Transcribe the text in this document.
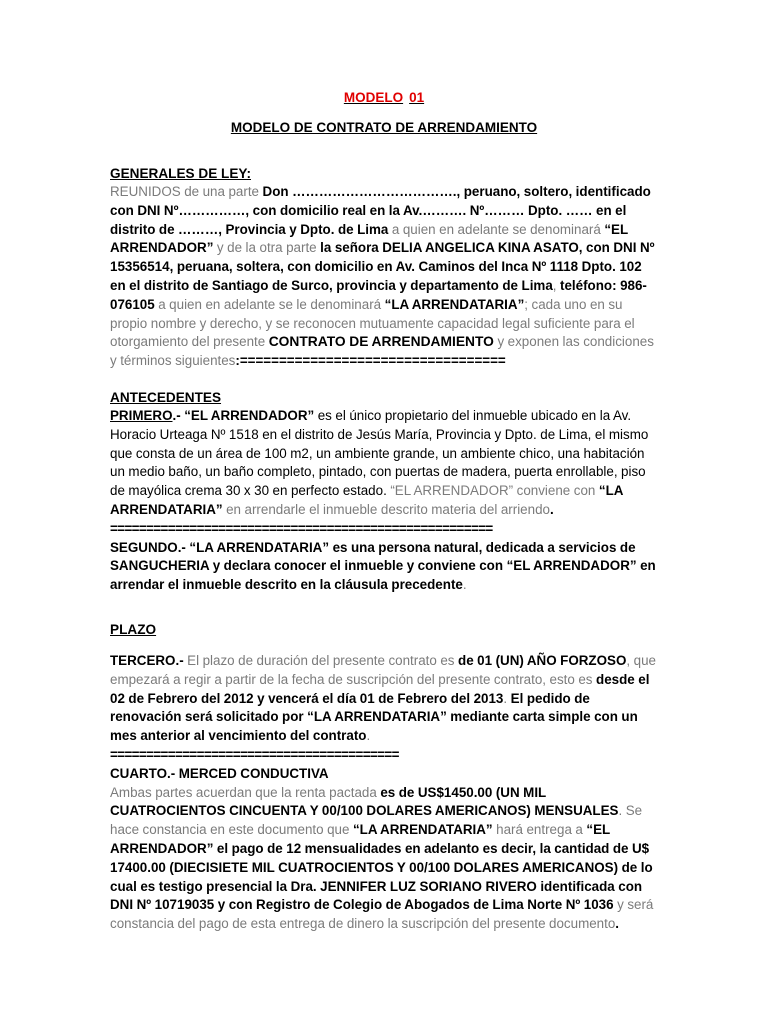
MODELO 01

MODELO DE CONTRATO DE ARRENDAMIENTO

GENERALES DE LEY:

REUNIDOS de una parte Don ………………………………., peruano, soltero, identificado con DNI Nº……………, con domicilio real en la Av.………. Nº……… Dpto. …… en el distrito de ………, Provincia y Dpto. de Lima a quien en adelante se denominará “EL ARRENDADOR” y de la otra parte la señora DELIA ANGELICA KINA ASATO, con DNI Nº 15356514, peruana, soltera, con domicilio en Av. Caminos del Inca Nº 1118 Dpto. 102 en el distrito de Santiago de Surco, provincia y departamento de Lima, teléfono: 986-076105 a quien en adelante se le denominará “LA ARRENDATARIA”; cada uno en su propio nombre y derecho, y se reconocen mutuamente capacidad legal suficiente para el otorgamiento del presente CONTRATO DE ARRENDAMIENTO y exponen las condiciones y términos siguientes:==================================

ANTECEDENTES

PRIMERO.- “EL ARRENDADOR” es el único propietario del inmueble ubicado en la Av. Horacio Urteaga Nº 1518 en el distrito de Jesús María, Provincia y Dpto. de Lima, el mismo que consta de un área de 100 m2, un ambiente grande, un ambiente chico, una habitación un medio baño, un baño completo, pintado, con puertas de madera, puerta enrollable, piso de mayólica crema 30 x 30 en perfecto estado. “EL ARRENDADOR” conviene con “LA ARRENDATARIA” en arrendarle el inmueble descrito materia del arriendo.

=====================================================

SEGUNDO.- “LA ARRENDATARIA” es una persona natural, dedicada a servicios de SANGUCHERIA y declara conocer el inmueble y conviene con “EL ARRENDADOR” en arrendar el inmueble descrito en la cláusula precedente.

PLAZO

TERCERO.- El plazo de duración del presente contrato es de 01 (UN) AÑO FORZOSO, que empezará a regir a partir de la fecha de suscripción del presente contrato, esto es desde el 02 de Febrero del 2012 y vencerá el día 01 de Febrero del 2013. El pedido de renovación será solicitado por “LA ARRENDATARIA” mediante carta simple con un mes anterior al vencimiento del contrato.

========================================

CUARTO.- MERCED CONDUCTIVA

Ambas partes acuerdan que la renta pactada es de US$1450.00 (UN MIL CUATROCIENTOS CINCUENTA Y 00/100 DOLARES AMERICANOS) MENSUALES. Se hace constancia en este documento que “LA ARRENDATARIA” hará entrega a “EL ARRENDADOR” el pago de 12 mensualidades en adelanto es decir, la cantidad de U$ 17400.00 (DIECISIETE MIL CUATROCIENTOS Y 00/100 DOLARES AMERICANOS) de lo cual es testigo presencial la Dra. JENNIFER LUZ SORIANO RIVERO identificada con DNI Nº 10719035 y con Registro de Colegio de Abogados de Lima Norte Nº 1036 y será constancia del pago de esta entrega de dinero la suscripción del presente documento.
